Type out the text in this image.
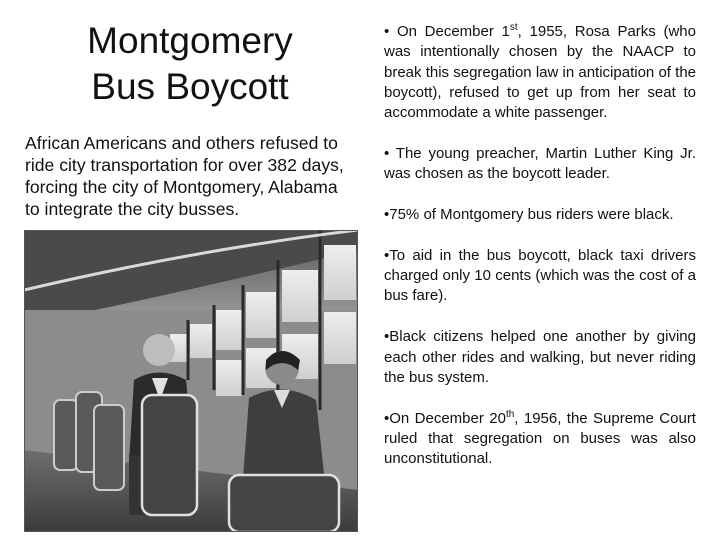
Montgomery
Bus Boycott
African Americans and others refused to ride city transportation for over 382 days, forcing the city of Montgomery, Alabama to integrate the city busses.

• On December 1st, 1955, Rosa Parks (who was intentionally chosen by the NAACP to break this segregation law in anticipation of the boycott), refused to get up from her seat to accommodate a white passenger.

• The young preacher, Martin Luther King Jr. was chosen as the boycott leader.

•75% of Montgomery bus riders were black.

•To aid in the bus boycott, black taxi drivers charged only 10 cents (which was the cost of a bus fare).

•Black citizens helped one another by giving each other rides and walking, but never riding the bus system.

•On December 20th, 1956, the Supreme Court ruled that segregation on buses was also unconstitutional.
